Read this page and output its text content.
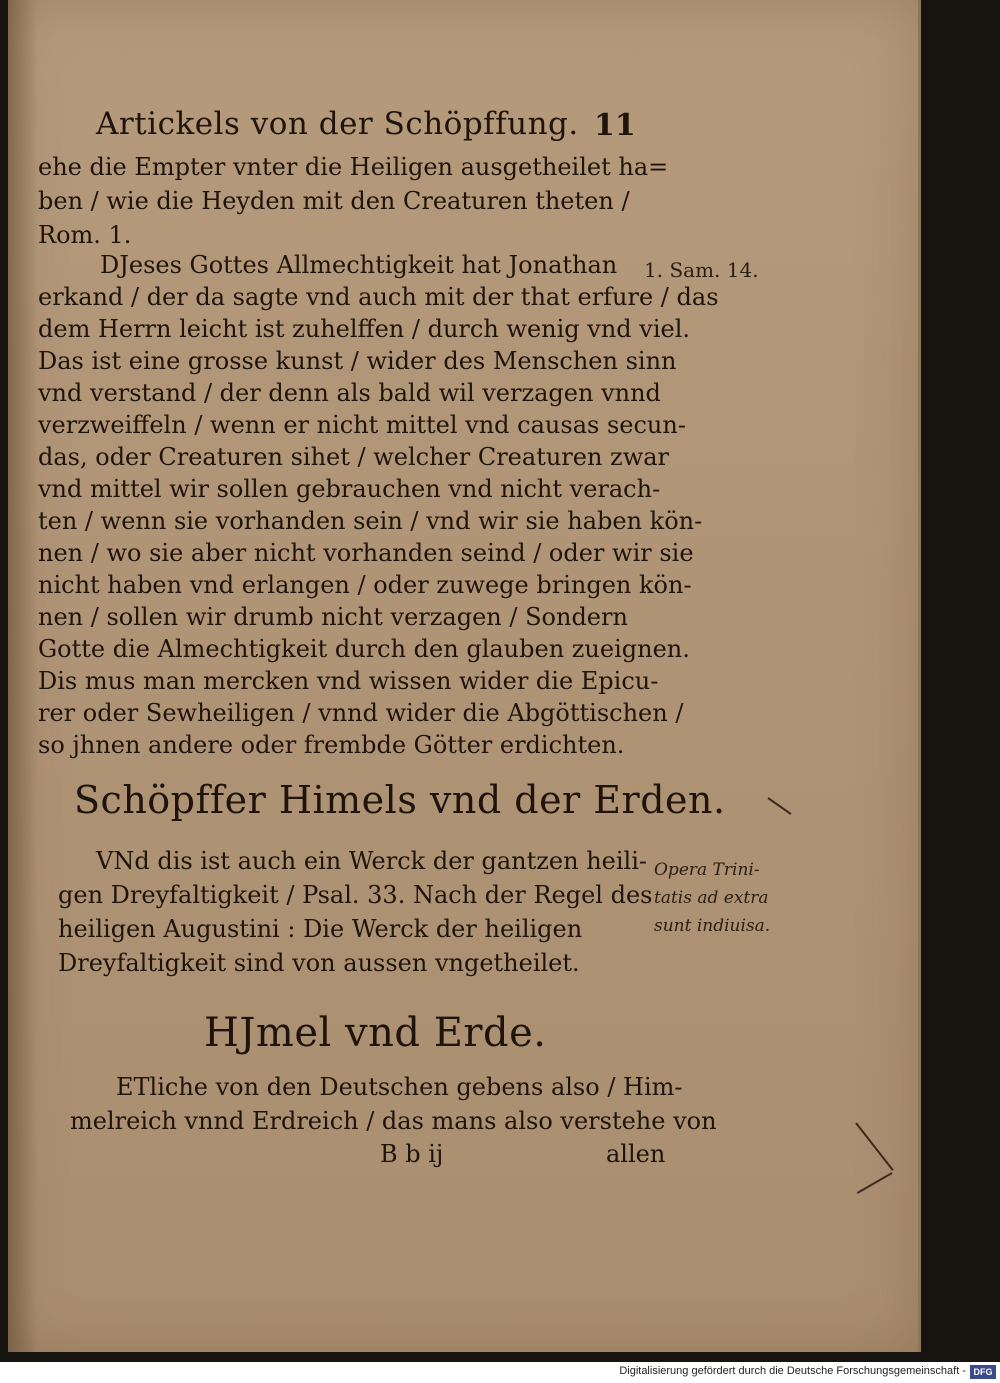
Artickels von der Schöpffung. 11
ehe die Empter vnter die Heiligen ausgetheilet ha=
ben / wie die Heyden mit den Creaturen theten /
Rom. 1.
DJeses Gottes Allmechtigkeit hat Jonathan
erkand / der da sagte vnd auch mit der that erfure / das
dem Herrn leicht ist zuhelffen / durch wenig vnd viel.
Das ist eine grosse kunst / wider des Menschen sinn
vnd verstand / der denn als bald wil verzagen vnnd
verzweiffeln / wenn er nicht mittel vnd causas secun-
das, oder Creaturen sihet / welcher Creaturen zwar
vnd mittel wir sollen gebrauchen vnd nicht verach-
ten / wenn sie vorhanden sein / vnd wir sie haben kön-
nen / wo sie aber nicht vorhanden seind / oder wir sie
nicht haben vnd erlangen / oder zuwege bringen kön-
nen / sollen wir drumb nicht verzagen / Sondern
Gotte die Almechtigkeit durch den glauben zueignen.
Dis mus man mercken vnd wissen wider die Epicu-
rer oder Sewheiligen / vnnd wider die Abgöttischen /
so jhnen andere oder frembde Götter erdichten.
Schöpffer Himels vnd der Erden.
VNd dis ist auch ein Werck der gantzen heili-
gen Dreyfaltigkeit / Psal. 33. Nach der Regel des
heiligen Augustini : Die Werck der heiligen
Dreyfaltigkeit sind von aussen vngetheilet.
HJmel vnd Erde.
ETliche von den Deutschen gebens also / Him-
melreich vnnd Erdreich / das mans also verstehe von
B b ij	allen
1. Sam. 14.
Opera Trini-
tatis ad extra
sunt indiuisa.
Digitalisierung gefördert durch die Deutsche Forschungsgemeinschaft - DFG
